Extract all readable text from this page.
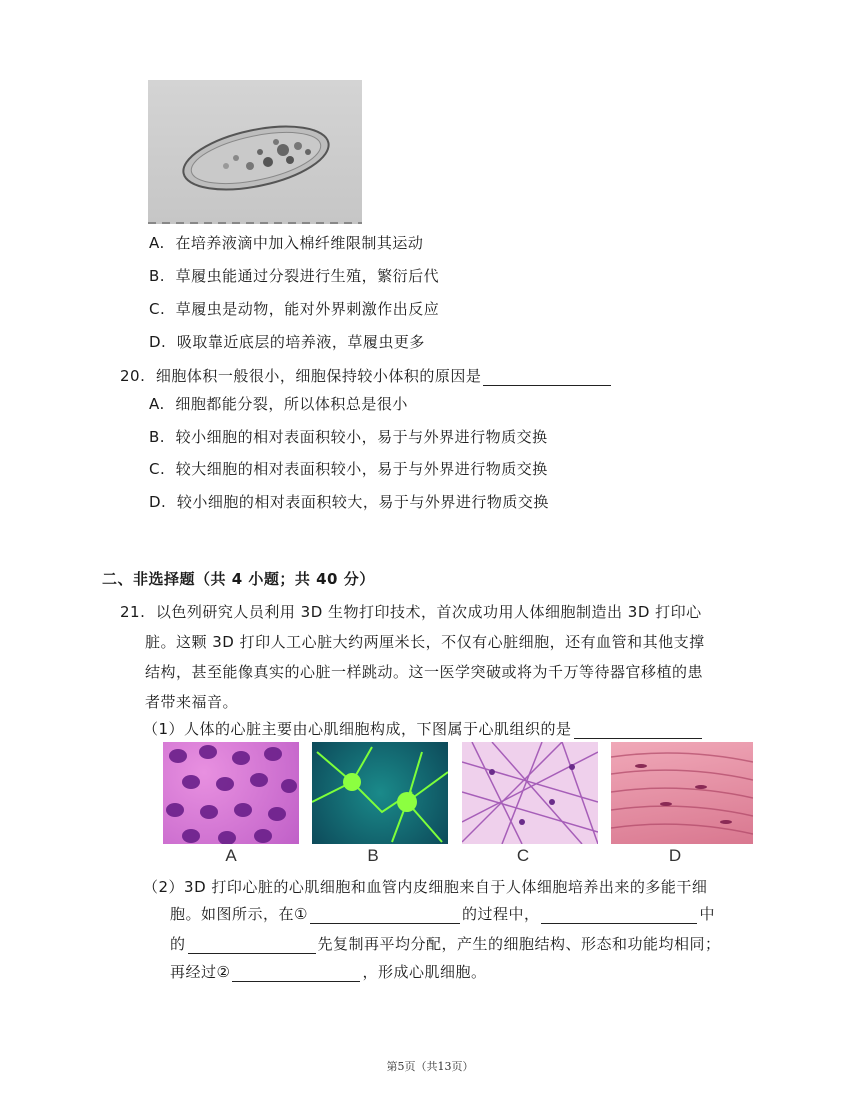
A. 在培养液滴中加入棉纤维限制其运动
B. 草履虫能通过分裂进行生殖，繁衍后代
C. 草履虫是动物，能对外界刺激作出反应
D. 吸取靠近底层的培养液，草履虫更多
20. 细胞体积一般很小，细胞保持较小体积的原因是
A. 细胞都能分裂，所以体积总是很小
B. 较小细胞的相对表面积较小，易于与外界进行物质交换
C. 较大细胞的相对表面积较小，易于与外界进行物质交换
D. 较小细胞的相对表面积较大，易于与外界进行物质交换
二、非选择题（共 4 小题；共 40 分）
21. 以色列研究人员利用 3D 生物打印技术，首次成功用人体细胞制造出 3D 打印心
脏。这颗 3D 打印人工心脏大约两厘米长，不仅有心脏细胞，还有血管和其他支撑
结构，甚至能像真实的心脏一样跳动。这一医学突破或将为千万等待器官移植的患
者带来福音。
（1）人体的心脏主要由心肌细胞构成，下图属于心肌组织的是
A	B	C	D
（2）3D 打印心脏的心肌细胞和血管内皮细胞来自于人体细胞培养出来的多能干细
胞。如图所示，在①	的过程中，	中
的	先复制再平均分配，产生的细胞结构、形态和功能均相同；
再经过②	，形成心肌细胞。
第5页（共13页）
